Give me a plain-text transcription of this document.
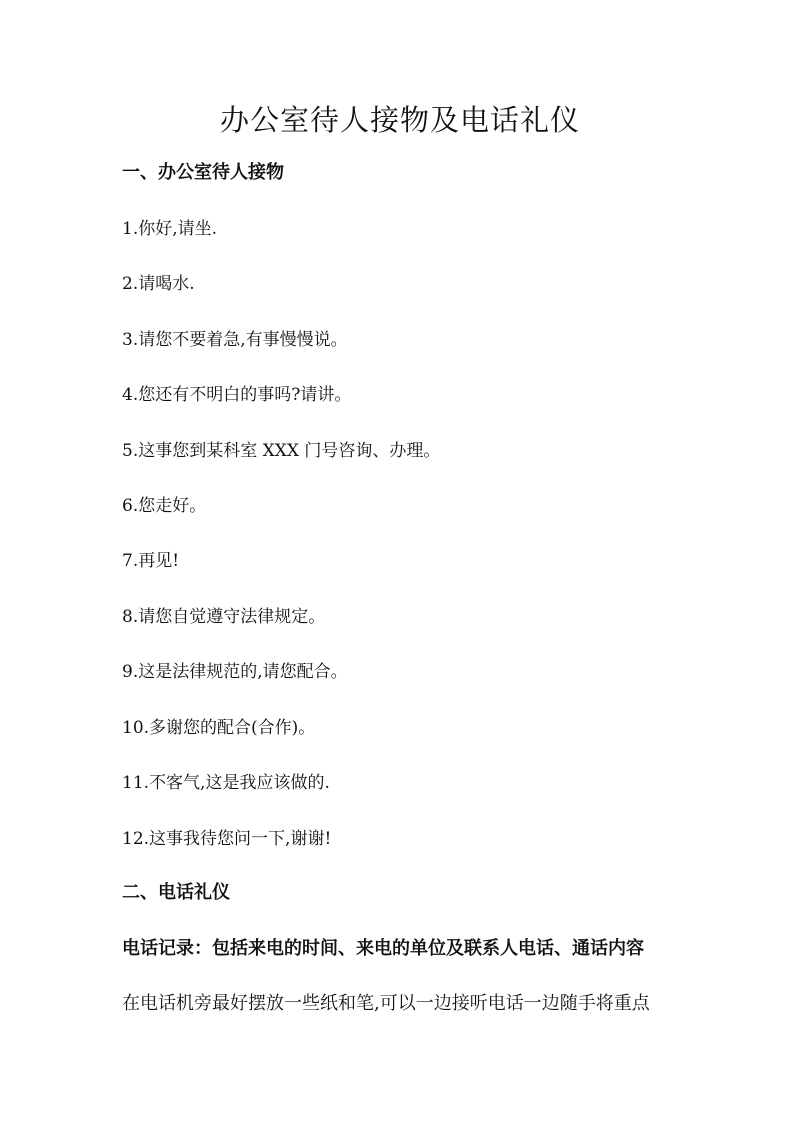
办公室待人接物及电话礼仪
一、办公室待人接物
1.你好,请坐.
2.请喝水.
3.请您不要着急,有事慢慢说。
4.您还有不明白的事吗?请讲。
5.这事您到某科室 XXX 门号咨询、办理。
6.您走好。
7.再见!
8.请您自觉遵守法律规定。
9.这是法律规范的,请您配合。
10.多谢您的配合(合作)。
11.不客气,这是我应该做的.
12.这事我待您问一下,谢谢!
二、电话礼仪

电话记录：包括来电的时间、来电的单位及联系人电话、通话内容

在电话机旁最好摆放一些纸和笔,可以一边接听电话一边随手将重点
